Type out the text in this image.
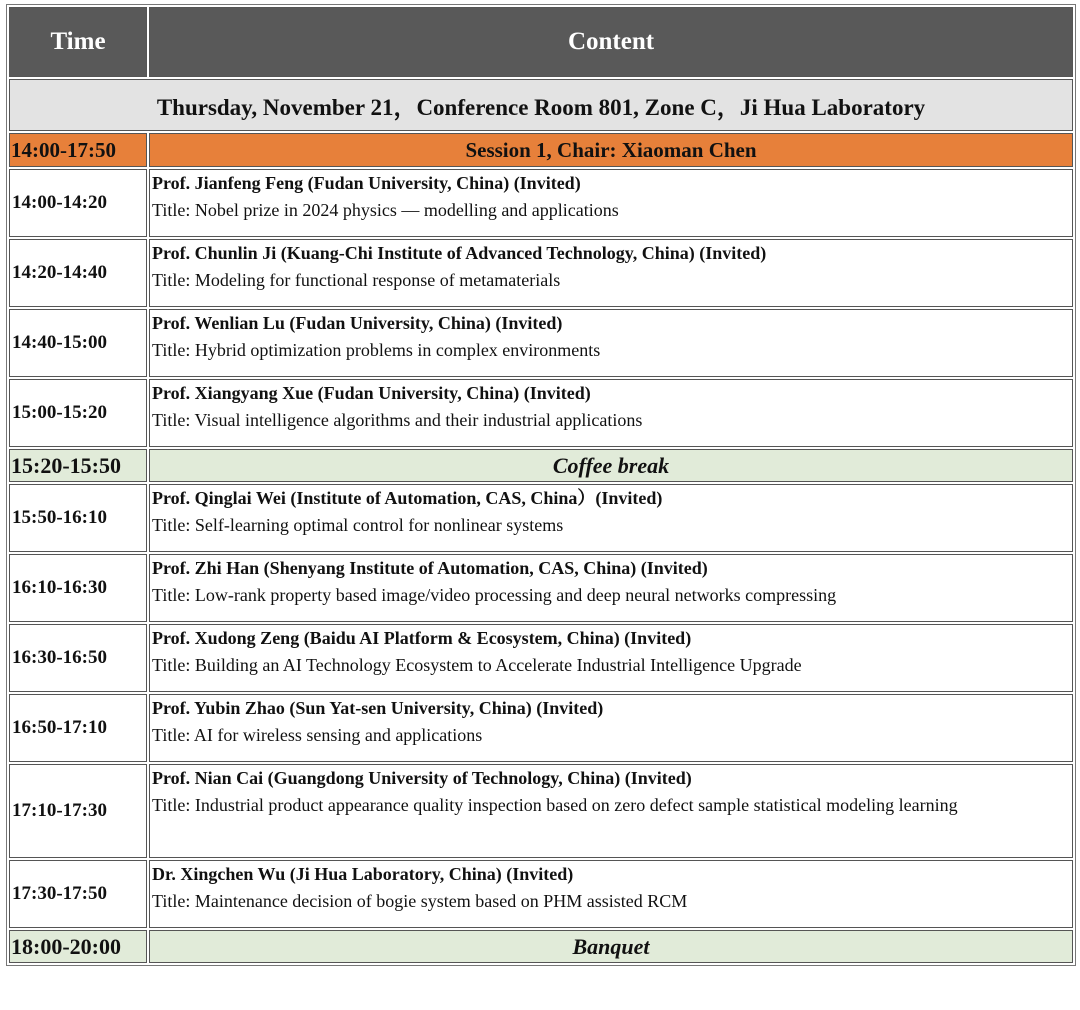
Time	Content
Thursday, November 21，Conference Room 801, Zone C，Ji Hua Laboratory	
14:00-17:50	Session 1, Chair: Xiaoman Chen
14:00-14:20	Prof. Jianfeng Feng (Fudan University, China) (Invited)
Title: Nobel prize in 2024 physics — modelling and applications

14:20-14:40	Prof. Chunlin Ji (Kuang-Chi Institute of Advanced Technology, China) (Invited)
Title: Modeling for functional response of metamaterials

14:40-15:00	Prof. Wenlian Lu (Fudan University, China) (Invited)
Title: Hybrid optimization problems in complex environments

15:00-15:20	Prof. Xiangyang Xue (Fudan University, China) (Invited)
Title: Visual intelligence algorithms and their industrial applications

15:20-15:50	Coffee break
15:50-16:10	Prof. Qinglai Wei (Institute of Automation, CAS, China）(Invited)
Title: Self-learning optimal control for nonlinear systems

16:10-16:30	Prof. Zhi Han (Shenyang Institute of Automation, CAS, China) (Invited)
Title: Low-rank property based image/video processing and deep neural networks compressing

16:30-16:50	Prof. Xudong Zeng (Baidu AI Platform & Ecosystem, China) (Invited)
Title: Building an AI Technology Ecosystem to Accelerate Industrial Intelligence Upgrade

16:50-17:10	Prof. Yubin Zhao (Sun Yat-sen University, China) (Invited)
Title: AI for wireless sensing and applications

17:10-17:30	Prof. Nian Cai (Guangdong University of Technology, China) (Invited)
Title: Industrial product appearance quality inspection based on zero defect sample statistical modeling learning

17:30-17:50	Dr. Xingchen Wu (Ji Hua Laboratory, China) (Invited)
Title: Maintenance decision of bogie system based on PHM assisted RCM

18:00-20:00	Banquet
